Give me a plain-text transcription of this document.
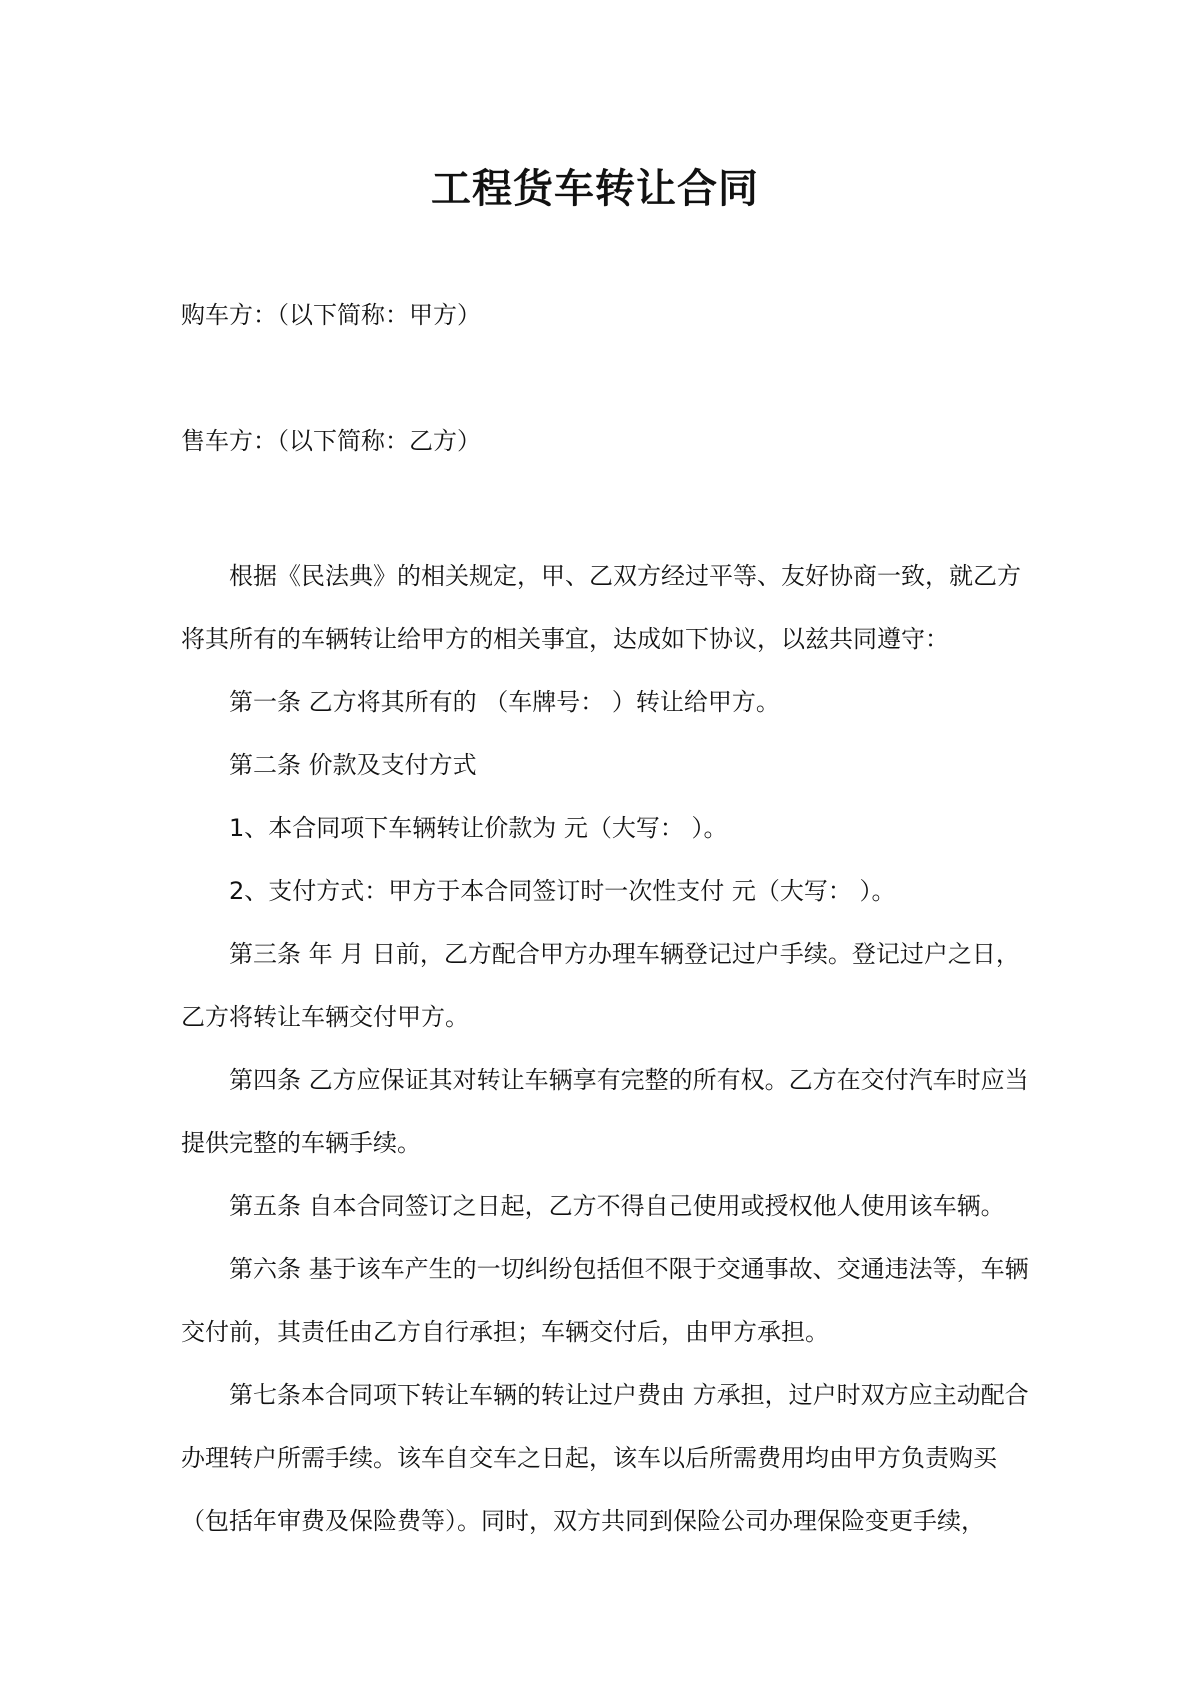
工程货车转让合同
购车方：（以下简称：甲方）
售车方：（以下简称：乙方）

根据《民法典》的相关规定，甲、乙双方经过平等、友好协商一致，就乙方将其所有的车辆转让给甲方的相关事宜，达成如下协议，以兹共同遵守：

第一条 乙方将其所有的 （车牌号： ）转让给甲方。

第二条 价款及支付方式

1、本合同项下车辆转让价款为 元（大写： ）。

2、支付方式：甲方于本合同签订时一次性支付 元（大写： ）。

第三条 年 月 日前，乙方配合甲方办理车辆登记过户手续。登记过户之日，乙方将转让车辆交付甲方。

第四条 乙方应保证其对转让车辆享有完整的所有权。乙方在交付汽车时应当提供完整的车辆手续。

第五条 自本合同签订之日起，乙方不得自己使用或授权他人使用该车辆。

第六条 基于该车产生的一切纠纷包括但不限于交通事故、交通违法等，车辆交付前，其责任由乙方自行承担；车辆交付后，由甲方承担。

第七条本合同项下转让车辆的转让过户费由 方承担，过户时双方应主动配合办理转户所需手续。该车自交车之日起，该车以后所需费用均由甲方负责购买（包括年审费及保险费等）。同时，双方共同到保险公司办理保险变更手续，
